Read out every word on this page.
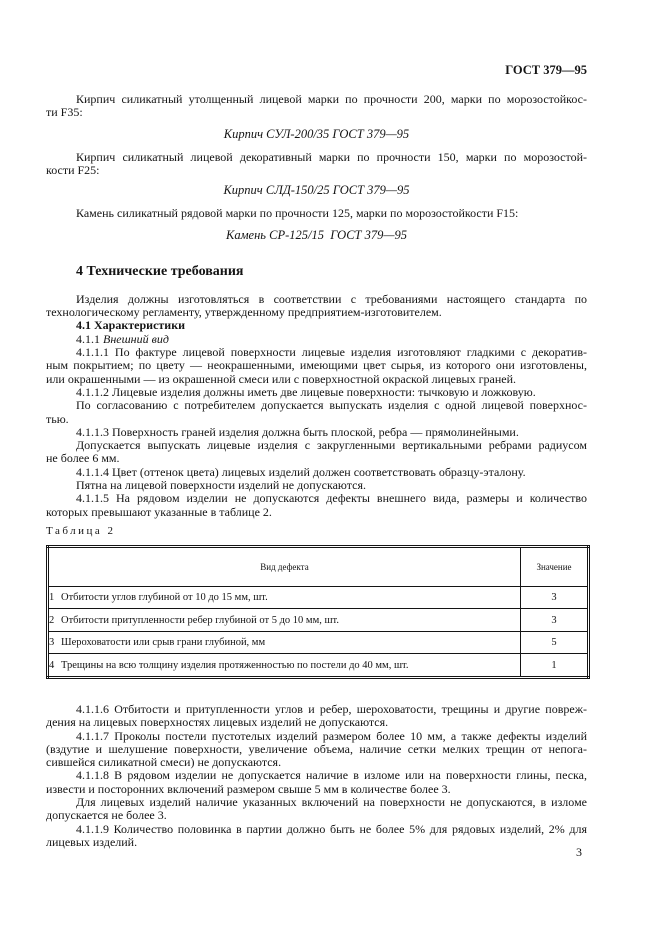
ГОСТ 379—95
Кирпич силикатный утолщенный лицевой марки по прочности 200, марки по морозостойкос-
ти F35:
Кирпич СУЛ-200/35 ГОСТ 379—95
Кирпич силикатный лицевой декоративный марки по прочности 150, марки по морозостой-
кости F25:
Кирпич СЛД-150/25 ГОСТ 379—95
Камень силикатный рядовой марки по прочности 125, марки по морозостойкости F15:
Камень СР-125/15  ГОСТ 379—95
4 Технические требования
Изделия должны изготовляться в соответствии с требованиями настоящего стандарта по
технологическому регламенту, утвержденному предприятием-изготовителем.
4.1 Характеристики
4.1.1 Внешний вид
4.1.1.1 По фактуре лицевой поверхности лицевые изделия изготовляют гладкими с декоратив-
ным покрытием; по цвету — неокрашенными, имеющими цвет сырья, из которого они изготовлены,
или окрашенными — из окрашенной смеси или с поверхностной окраской лицевых граней.
4.1.1.2 Лицевые изделия должны иметь две лицевые поверхности: тычковую и ложковую.
По согласованию с потребителем допускается выпускать изделия с одной лицевой поверхнос-
тью.
4.1.1.3 Поверхность граней изделия должна быть плоской, ребра — прямолинейными.
Допускается выпускать лицевые изделия с закругленными вертикальными ребрами радиусом
не более 6 мм.
4.1.1.4 Цвет (оттенок цвета) лицевых изделий должен соответствовать образцу-эталону.
Пятна на лицевой поверхности изделий не допускаются.
4.1.1.5 На рядовом изделии не допускаются дефекты внешнего вида, размеры и количество
которых превышают указанные в таблице 2.
Таблица 2
Вид дефекта	Значение
1 Отбитости углов глубиной от 10 до 15 мм, шт.	3
2 Отбитости притупленности ребер глубиной от 5 до 10 мм, шт.	3
3 Шероховатости или срыв грани глубиной, мм	5
4 Трещины на всю толщину изделия протяженностью по постели до 40 мм, шт.	1
4.1.1.6 Отбитости и притупленности углов и ребер, шероховатости, трещины и другие повреж-
дения на лицевых поверхностях лицевых изделий не допускаются.
4.1.1.7 Проколы постели пустотелых изделий размером более 10 мм, а также дефекты изделий
(вздутие и шелушение поверхности, увеличение объема, наличие сетки мелких трещин от непога-
сившейся силикатной смеси) не допускаются.
4.1.1.8 В рядовом изделии не допускается наличие в изломе или на поверхности глины, песка,
извести и посторонних включений размером свыше 5 мм в количестве более 3.
Для лицевых изделий наличие указанных включений на поверхности не допускаются, в изломе
допускается не более 3.
4.1.1.9 Количество половинка в партии должно быть не более 5% для рядовых изделий, 2% для
лицевых изделий.
3
